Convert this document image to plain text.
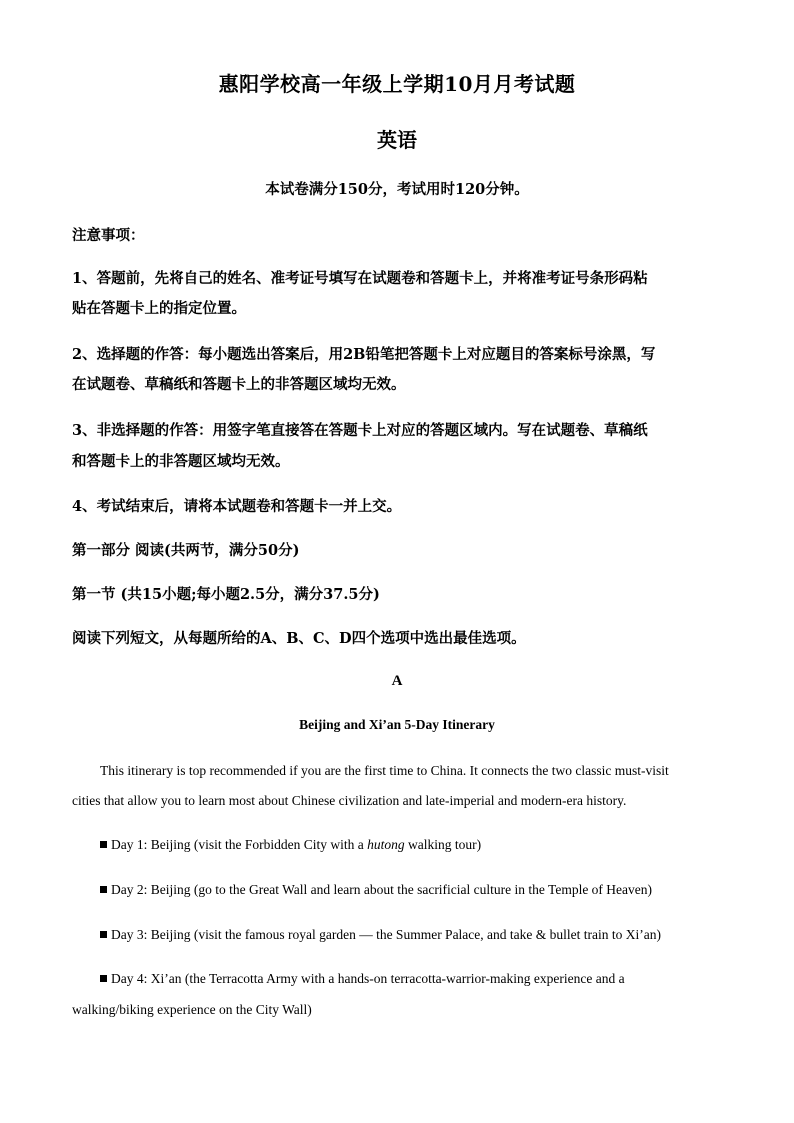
惠阳学校高一年级上学期10月月考试题
英语
本试卷满分150分，考试用时120分钟。
注意事项：
1、答题前，先将自己的姓名、准考证号填写在试题卷和答题卡上，并将准考证号条形码粘
贴在答题卡上的指定位置。
2、选择题的作答：每小题选出答案后，用2B铅笔把答题卡上对应题目的答案标号涂黑，写
在试题卷、草稿纸和答题卡上的非答题区域均无效。
3、非选择题的作答：用签字笔直接答在答题卡上对应的答题区域内。写在试题卷、草稿纸
和答题卡上的非答题区域均无效。
4、考试结束后，请将本试题卷和答题卡一并上交。
第一部分 阅读(共两节，满分50分)
第一节 (共15小题;每小题2.5分，满分37.5分)
阅读下列短文，从每题所给的A、B、C、D四个选项中选出最佳选项。
A
Beijing and Xi’an 5-Day Itinerary
This itinerary is top recommended if you are the first time to China. It connects the two classic must-visit
cities that allow you to learn most about Chinese civilization and late-imperial and modern-era history.
Day 1: Beijing (visit the Forbidden City with a hutong walking tour)
Day 2: Beijing (go to the Great Wall and learn about the sacrificial culture in the Temple of Heaven)
Day 3: Beijing (visit the famous royal garden — the Summer Palace, and take & bullet train to Xi’an)
Day 4: Xi’an (the Terracotta Army with a hands-on terracotta-warrior-making experience and a
walking/biking experience on the City Wall)
